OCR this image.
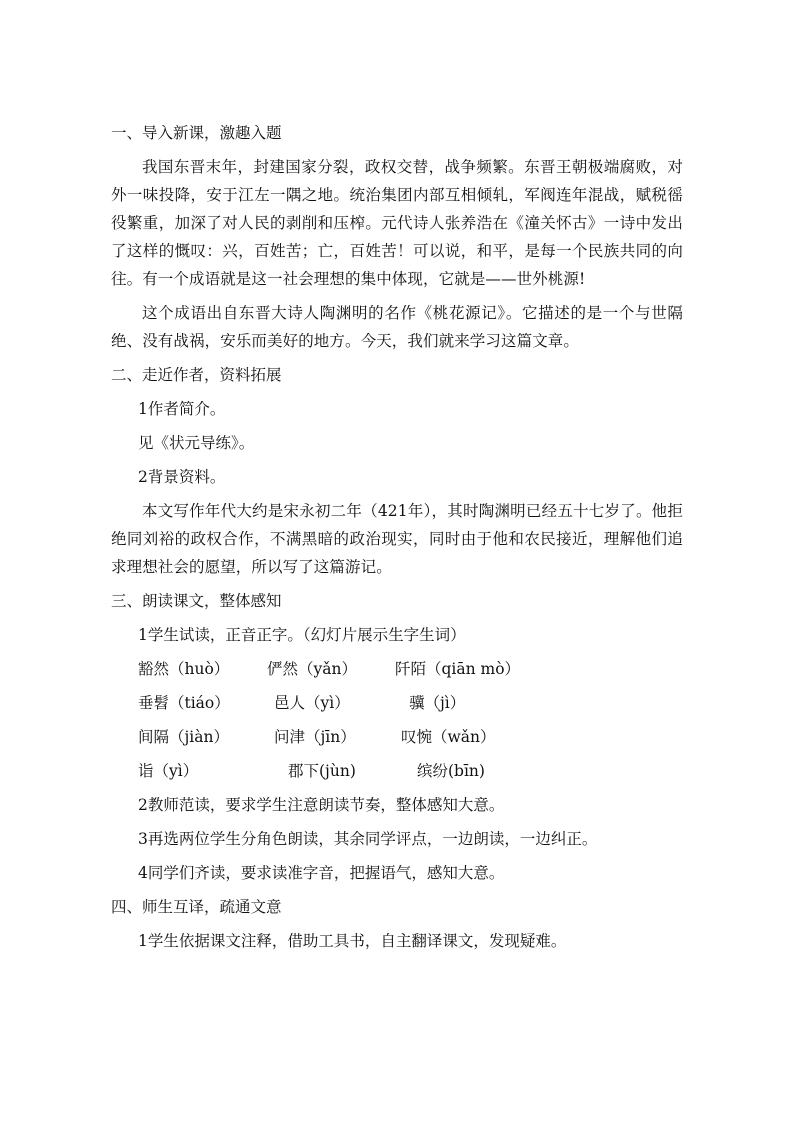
一、导入新课，激趣入题

我国东晋末年，封建国家分裂，政权交替，战争频繁。东晋王朝极端腐败，对外一味投降，安于江左一隅之地。统治集团内部互相倾轧，军阀连年混战，赋税徭役繁重，加深了对人民的剥削和压榨。元代诗人张养浩在《潼关怀古》一诗中发出了这样的慨叹：兴，百姓苦；亡，百姓苦！可以说，和平，是每一个民族共同的向往。有一个成语就是这一社会理想的集中体现，它就是——世外桃源!

这个成语出自东晋大诗人陶渊明的名作《桃花源记》。它描述的是一个与世隔绝、没有战祸，安乐而美好的地方。今天，我们就来学习这篇文章。

二、走近作者，资料拓展
1作者简介。
见《状元导练》。
2背景资料。

本文写作年代大约是宋永初二年（421年），其时陶渊明已经五十七岁了。他拒绝同刘裕的政权合作，不满黑暗的政治现实，同时由于他和农民接近，理解他们追求理想社会的愿望，所以写了这篇游记。

三、朗读课文，整体感知
1学生试读，正音正字。（幻灯片展示生字生词）
豁然（huò） 俨然（yǎn） 阡陌（qiān mò）
垂髫（tiáo）	邑人（yì）	骥（jì）
间隔（jiàn）	问津（jīn）	叹惋（wǎn）
诣（yì）	郡下(jùn)	缤纷(bīn)
2教师范读，要求学生注意朗读节奏，整体感知大意。
3再选两位学生分角色朗读，其余同学评点，一边朗读，一边纠正。
4同学们齐读，要求读准字音，把握语气，感知大意。
四、师生互译，疏通文意
1学生依据课文注释，借助工具书，自主翻译课文，发现疑难。
